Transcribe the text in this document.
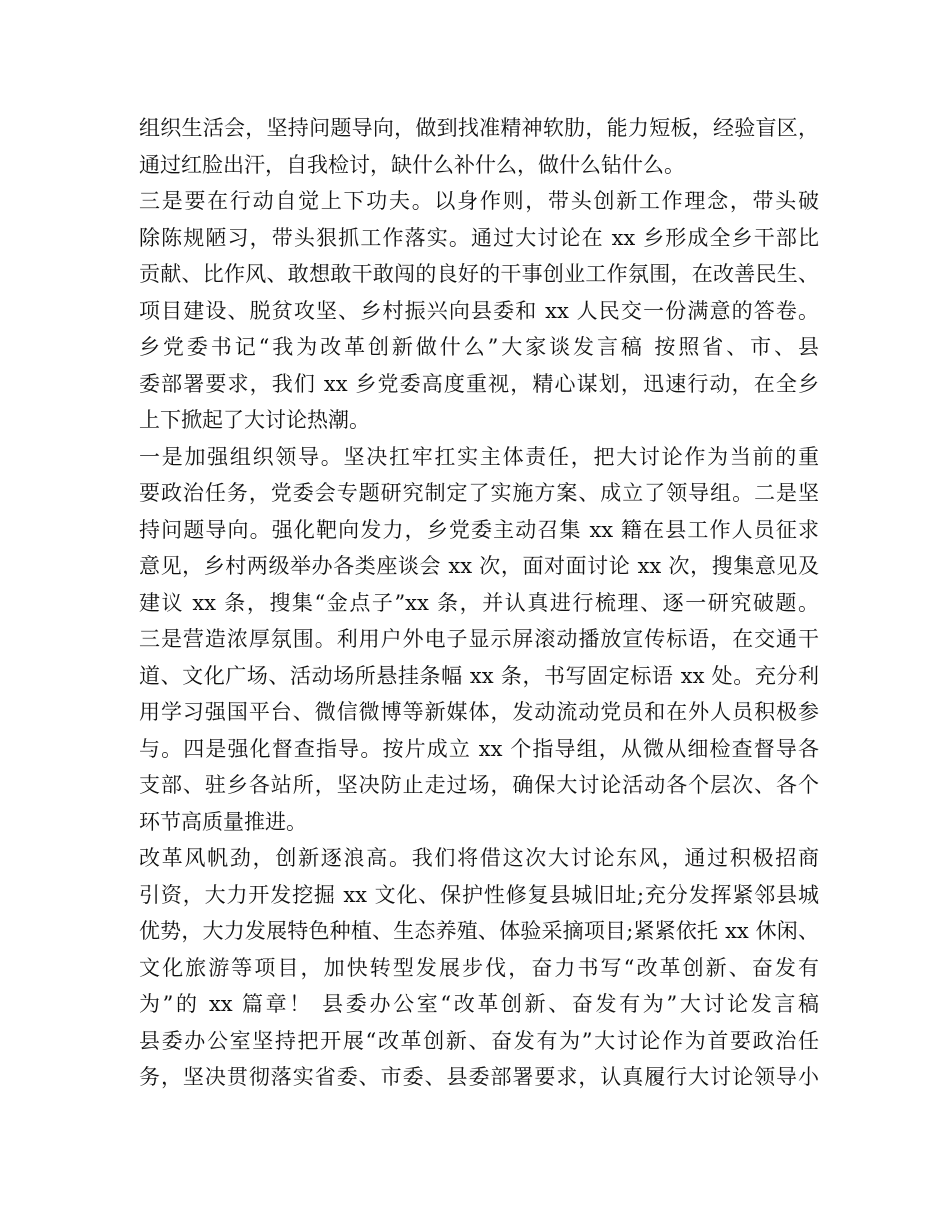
组织生活会，坚持问题导向，做到找准精神软肋，能力短板，经验盲区，
通过红脸出汗，自我检讨，缺什么补什么，做什么钻什么。
三是要在行动自觉上下功夫。以身作则，带头创新工作理念，带头破
除陈规陋习，带头狠抓工作落实。通过大讨论在 xx 乡形成全乡干部比
贡献、比作风、敢想敢干敢闯的良好的干事创业工作氛围，在改善民生、
项目建设、脱贫攻坚、乡村振兴向县委和 xx 人民交一份满意的答卷。
乡党委书记“我为改革创新做什么”大家谈发言稿 按照省、市、县
委部署要求，我们 xx 乡党委高度重视，精心谋划，迅速行动，在全乡
上下掀起了大讨论热潮。
一是加强组织领导。坚决扛牢扛实主体责任，把大讨论作为当前的重
要政治任务，党委会专题研究制定了实施方案、成立了领导组。二是坚
持问题导向。强化靶向发力，乡党委主动召集 xx 籍在县工作人员征求
意见，乡村两级举办各类座谈会 xx 次，面对面讨论 xx 次，搜集意见及
建议 xx 条，搜集“金点子”xx 条，并认真进行梳理、逐一研究破题。
三是营造浓厚氛围。利用户外电子显示屏滚动播放宣传标语，在交通干
道、文化广场、活动场所悬挂条幅 xx 条，书写固定标语 xx 处。充分利
用学习强国平台、微信微博等新媒体，发动流动党员和在外人员积极参
与。四是强化督查指导。按片成立 xx 个指导组，从微从细检查督导各
支部、驻乡各站所，坚决防止走过场，确保大讨论活动各个层次、各个
环节高质量推进。
改革风帆劲，创新逐浪高。我们将借这次大讨论东风，通过积极招商
引资，大力开发挖掘 xx 文化、保护性修复县城旧址;充分发挥紧邻县城
优势，大力发展特色种植、生态养殖、体验采摘项目;紧紧依托 xx 休闲、
文化旅游等项目，加快转型发展步伐，奋力书写“改革创新、奋发有
为”的 xx 篇章！ 县委办公室“改革创新、奋发有为”大讨论发言稿
县委办公室坚持把开展“改革创新、奋发有为”大讨论作为首要政治任
务，坚决贯彻落实省委、市委、县委部署要求，认真履行大讨论领导小
